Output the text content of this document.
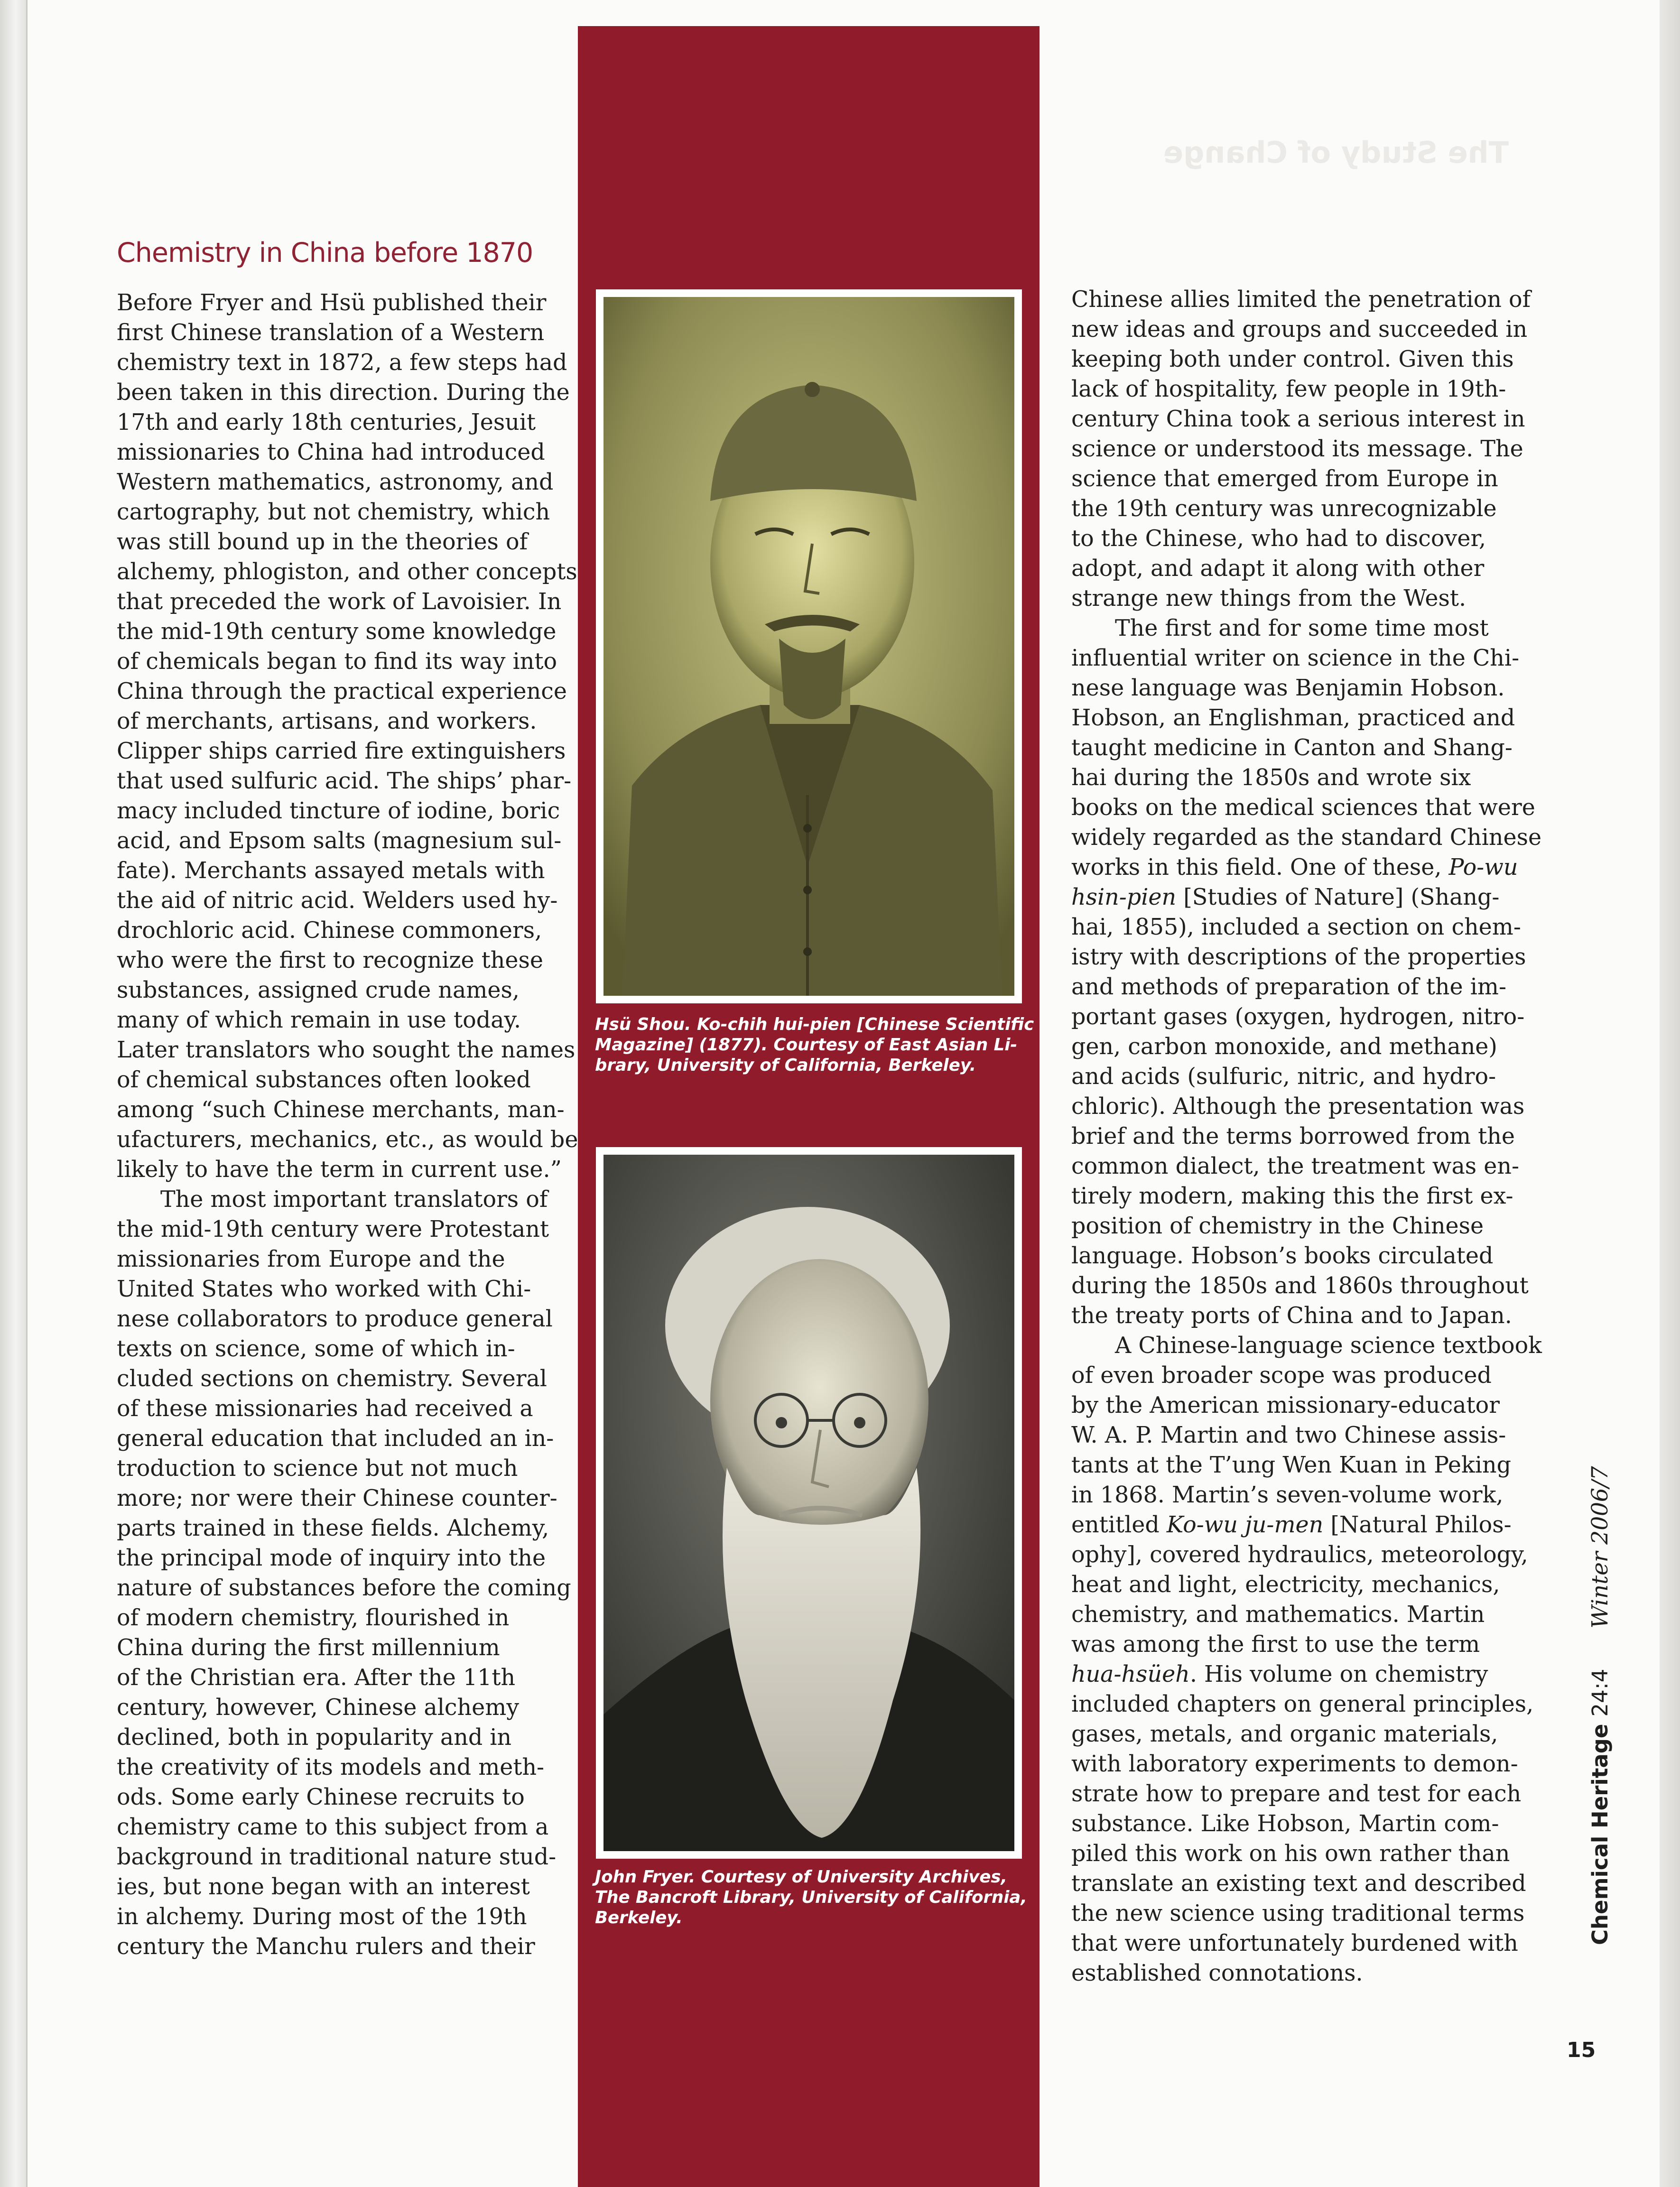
The Study of Change
Chemistry in China before 1870

Before Fryer and Hsü published their

first Chinese translation of a Western

chemistry text in 1872, a few steps had

been taken in this direction. During the

17th and early 18th centuries, Jesuit

missionaries to China had introduced

Western mathematics, astronomy, and

cartography, but not chemistry, which

was still bound up in the theories of

alchemy, phlogiston, and other concepts

that preceded the work of Lavoisier. In

the mid-19th century some knowledge

of chemicals began to find its way into

China through the practical experience

of merchants, artisans, and workers.

Clipper ships carried fire extinguishers

that used sulfuric acid. The ships’ phar-

macy included tincture of iodine, boric

acid, and Epsom salts (magnesium sul-

fate). Merchants assayed metals with

the aid of nitric acid. Welders used hy-

drochloric acid. Chinese commoners,

who were the first to recognize these

substances, assigned crude names,

many of which remain in use today.

Later translators who sought the names

of chemical substances often looked

among “such Chinese merchants, man-

ufacturers, mechanics, etc., as would be

likely to have the term in current use.”

The most important translators of

the mid-19th century were Protestant

missionaries from Europe and the

United States who worked with Chi-

nese collaborators to produce general

texts on science, some of which in-

cluded sections on chemistry. Several

of these missionaries had received a

general education that included an in-

troduction to science but not much

more; nor were their Chinese counter-

parts trained in these fields. Alchemy,

the principal mode of inquiry into the

nature of substances before the coming

of modern chemistry, flourished in

China during the first millennium

of the Christian era. After the 11th

century, however, Chinese alchemy

declined, both in popularity and in

the creativity of its models and meth-

ods. Some early Chinese recruits to

chemistry came to this subject from a

background in traditional nature stud-

ies, but none began with an interest

in alchemy. During most of the 19th

century the Manchu rulers and their

Chinese allies limited the penetration of

new ideas and groups and succeeded in

keeping both under control. Given this

lack of hospitality, few people in 19th-

century China took a serious interest in

science or understood its message. The

science that emerged from Europe in

the 19th century was unrecognizable

to the Chinese, who had to discover,

adopt, and adapt it along with other

strange new things from the West.

The first and for some time most

influential writer on science in the Chi-

nese language was Benjamin Hobson.

Hobson, an Englishman, practiced and

taught medicine in Canton and Shang-

hai during the 1850s and wrote six

books on the medical sciences that were

widely regarded as the standard Chinese

works in this field. One of these, Po-wu

hsin-pien [Studies of Nature] (Shang-

hai, 1855), included a section on chem-

istry with descriptions of the properties

and methods of preparation of the im-

portant gases (oxygen, hydrogen, nitro-

gen, carbon monoxide, and methane)

and acids (sulfuric, nitric, and hydro-

chloric). Although the presentation was

brief and the terms borrowed from the

common dialect, the treatment was en-

tirely modern, making this the first ex-

position of chemistry in the Chinese

language. Hobson’s books circulated

during the 1850s and 1860s throughout

the treaty ports of China and to Japan.

A Chinese-language science textbook

of even broader scope was produced

by the American missionary-educator

W. A. P. Martin and two Chinese assis-

tants at the T’ung Wen Kuan in Peking

in 1868. Martin’s seven-volume work,

entitled Ko-wu ju-men [Natural Philos-

ophy], covered hydraulics, meteorology,

heat and light, electricity, mechanics,

chemistry, and mathematics. Martin

was among the first to use the term

hua-hsüeh. His volume on chemistry

included chapters on general principles,

gases, metals, and organic materials,

with laboratory experiments to demon-

strate how to prepare and test for each

substance. Like Hobson, Martin com-

piled this work on his own rather than

translate an existing text and described

the new science using traditional terms

that were unfortunately burdened with

established connotations.

Hsü Shou. Ko-chih hui-pien [Chinese Scientific

Magazine] (1877). Courtesy of East Asian Li-

brary, University of California, Berkeley.

John Fryer. Courtesy of University Archives,

The Bancroft Library, University of California,

Berkeley.	Chemical Heritage 24:4 Winter 2006/7
15
